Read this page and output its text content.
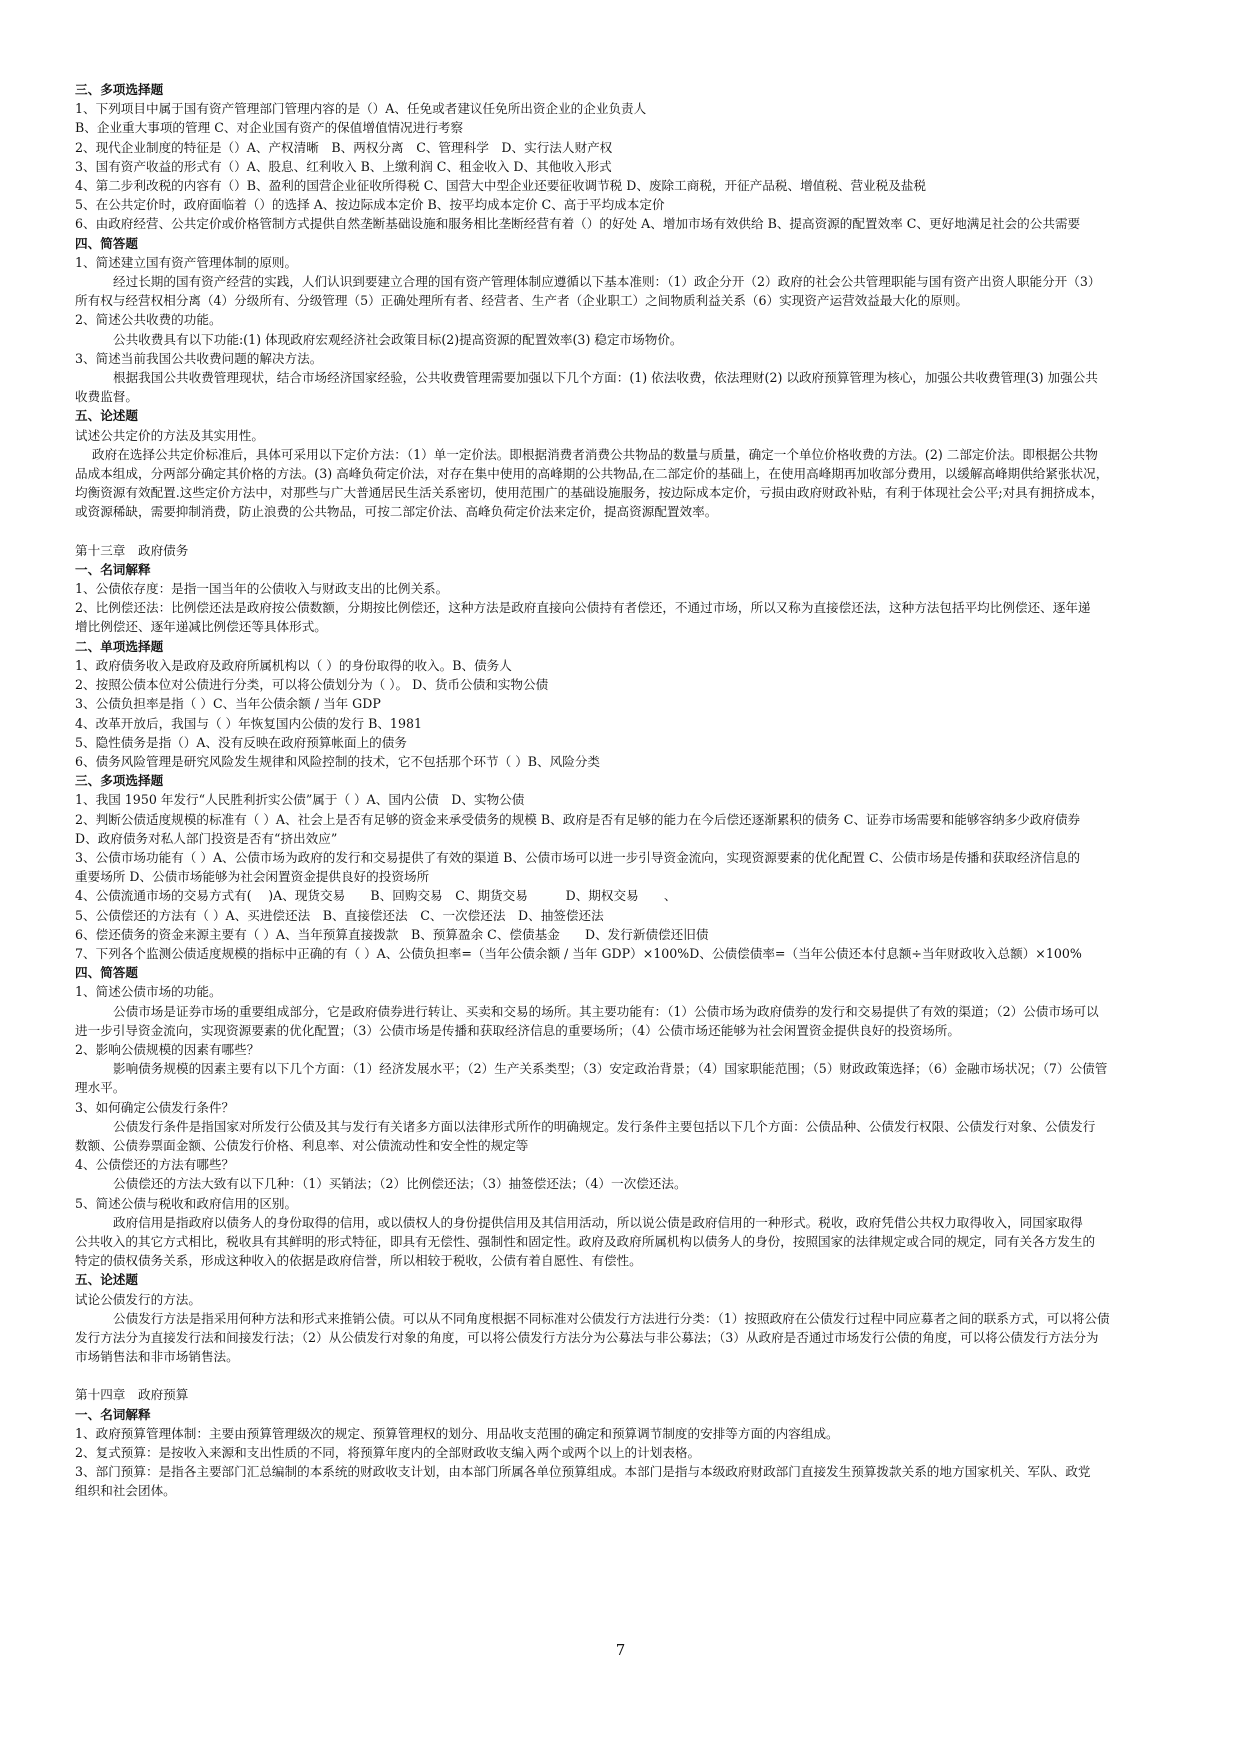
三、多项选择题
1、下列项目中属于国有资产管理部门管理内容的是（）A、任免或者建议任免所出资企业的企业负责人
B、企业重大事项的管理 C、对企业国有资产的保值增值情况进行考察
2、现代企业制度的特征是（）A、产权清晰　B、两权分离　C、管理科学　D、实行法人财产权
3、国有资产收益的形式有（）A、股息、红利收入 B、上缴利润 C、租金收入 D、其他收入形式
4、第二步利改税的内容有（）B、盈利的国营企业征收所得税 C、国营大中型企业还要征收调节税 D、废除工商税，开征产品税、增值税、营业税及盐税
5、在公共定价时，政府面临着（）的选择 A、按边际成本定价 B、按平均成本定价 C、高于平均成本定价
6、由政府经营、公共定价或价格管制方式提供自然垄断基础设施和服务相比垄断经营有着（）的好处 A、增加市场有效供给 B、提高资源的配置效率 C、更好地满足社会的公共需要
四、简答题
1、简述建立国有资产管理体制的原则。
经过长期的国有资产经营的实践，人们认识到要建立合理的国有资产管理体制应遵循以下基本准则：（1）政企分开（2）政府的社会公共管理职能与国有资产出资人职能分开（3）
所有权与经营权相分离（4）分级所有、分级管理（5）正确处理所有者、经营者、生产者（企业职工）之间物质利益关系（6）实现资产运营效益最大化的原则。
2、简述公共收费的功能。
公共收费具有以下功能:(1) 体现政府宏观经济社会政策目标(2)提高资源的配置效率(3) 稳定市场物价。
3、简述当前我国公共收费问题的解决方法。
根据我国公共收费管理现状，结合市场经济国家经验，公共收费管理需要加强以下几个方面：(1) 依法收费，依法理财(2) 以政府预算管理为核心，加强公共收费管理(3) 加强公共
收费监督。
五、论述题
试述公共定价的方法及其实用性。
政府在选择公共定价标准后，具体可采用以下定价方法：（1）单一定价法。即根据消费者消费公共物品的数量与质量，确定一个单位价格收费的方法。(2) 二部定价法。即根据公共物
品成本组成，分两部分确定其价格的方法。(3) 高峰负荷定价法，对存在集中使用的高峰期的公共物品,在二部定价的基础上，在使用高峰期再加收部分费用，以缓解高峰期供给紧张状况，
均衡资源有效配置.这些定价方法中，对那些与广大普通居民生活关系密切，使用范围广的基础设施服务，按边际成本定价，亏损由政府财政补贴，有利于体现社会公平;对具有拥挤成本，
或资源稀缺，需要抑制消费，防止浪费的公共物品，可按二部定价法、高峰负荷定价法来定价，提高资源配置效率。
第十三章　政府债务
一、名词解释
1、公债依存度：是指一国当年的公债收入与财政支出的比例关系。
2、比例偿还法：比例偿还法是政府按公债数额，分期按比例偿还，这种方法是政府直接向公债持有者偿还，不通过市场，所以又称为直接偿还法，这种方法包括平均比例偿还、逐年递
增比例偿还、逐年递减比例偿还等具体形式。
二、单项选择题
1、政府债务收入是政府及政府所属机构以（ ）的身份取得的收入。B、债务人
2、按照公债本位对公债进行分类，可以将公债划分为（ ）。 D、货币公债和实物公债
3、公债负担率是指（ ）C、当年公债余额 / 当年 GDP
4、改革开放后，我国与（ ）年恢复国内公债的发行 B、1981
5、隐性债务是指（）A、没有反映在政府预算帐面上的债务
6、债务风险管理是研究风险发生规律和风险控制的技术，它不包括那个环节（ ）B、风险分类
三、多项选择题
1、我国 1950 年发行“人民胜利折实公债”属于（ ）A、国内公债　D、实物公债
2、判断公债适度规模的标准有（ ）A、社会上是否有足够的资金来承受债务的规模 B、政府是否有足够的能力在今后偿还逐渐累积的债务 C、证券市场需要和能够容纳多少政府债券
D、政府债务对私人部门投资是否有“挤出效应”
3、公债市场功能有（ ）A、公债市场为政府的发行和交易提供了有效的渠道 B、公债市场可以进一步引导资金流向，实现资源要素的优化配置 C、公债市场是传播和获取经济信息的
重要场所 D、公债市场能够为社会闲置资金提供良好的投资场所
4、公债流通市场的交易方式有(　 )A、现货交易　　B、回购交易　C、期货交易　　　D、期权交易　　、
5、公债偿还的方法有（ ）A、买进偿还法　B、直接偿还法　C、一次偿还法　D、抽签偿还法
6、偿还债务的资金来源主要有（ ）A、当年预算直接拨款　B、预算盈余 C、偿债基金　　D、发行新债偿还旧债
7、下列各个监测公债适度规模的指标中正确的有（ ）A、公债负担率=（当年公债余额 / 当年 GDP）×100%D、公债偿债率=（当年公债还本付息额÷当年财政收入总额）×100%
四、简答题
1、简述公债市场的功能。
公债市场是证券市场的重要组成部分，它是政府债券进行转让、买卖和交易的场所。其主要功能有：（1）公债市场为政府债券的发行和交易提供了有效的渠道；（2）公债市场可以
进一步引导资金流向，实现资源要素的优化配置；（3）公债市场是传播和获取经济信息的重要场所；（4）公债市场还能够为社会闲置资金提供良好的投资场所。
2、影响公债规模的因素有哪些？
影响债务规模的因素主要有以下几个方面：（1）经济发展水平；（2）生产关系类型；（3）安定政治背景；（4）国家职能范围；（5）财政政策选择；（6）金融市场状况；（7）公债管
理水平。
3、如何确定公债发行条件？
公债发行条件是指国家对所发行公债及其与发行有关诸多方面以法律形式所作的明确规定。发行条件主要包括以下几个方面：公债品种、公债发行权限、公债发行对象、公债发行
数额、公债券票面金额、公债发行价格、利息率、对公债流动性和安全性的规定等
4、公债偿还的方法有哪些？
公债偿还的方法大致有以下几种：（1）买销法；（2）比例偿还法；（3）抽签偿还法；（4）一次偿还法。
5、简述公债与税收和政府信用的区别。
政府信用是指政府以债务人的身份取得的信用，或以债权人的身份提供信用及其信用活动，所以说公债是政府信用的一种形式。税收，政府凭借公共权力取得收入，同国家取得
公共收入的其它方式相比，税收具有其鲜明的形式特征，即具有无偿性、强制性和固定性。政府及政府所属机构以债务人的身份，按照国家的法律规定或合同的规定，同有关各方发生的
特定的债权债务关系，形成这种收入的依据是政府信誉，所以相较于税收，公债有着自愿性、有偿性。
五、论述题
试论公债发行的方法。
公债发行方法是指采用何种方法和形式来推销公债。可以从不同角度根据不同标准对公债发行方法进行分类：（1）按照政府在公债发行过程中同应募者之间的联系方式，可以将公债
发行方法分为直接发行法和间接发行法；（2）从公债发行对象的角度，可以将公债发行方法分为公募法与非公募法；（3）从政府是否通过市场发行公债的角度，可以将公债发行方法分为
市场销售法和非市场销售法。
第十四章　政府预算
一、名词解释
1、政府预算管理体制：主要由预算管理级次的规定、预算管理权的划分、用品收支范围的确定和预算调节制度的安排等方面的内容组成。
2、复式预算：是按收入来源和支出性质的不同，将预算年度内的全部财政收支编入两个或两个以上的计划表格。
3、部门预算：是指各主要部门汇总编制的本系统的财政收支计划，由本部门所属各单位预算组成。本部门是指与本级政府财政部门直接发生预算拨款关系的地方国家机关、军队、政党
组织和社会团体。
7
